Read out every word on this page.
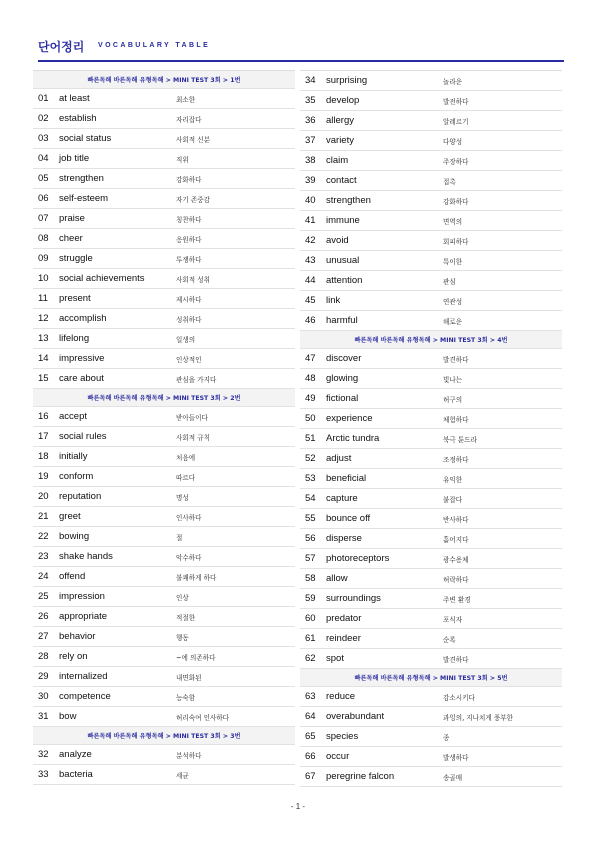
단어정리 VOCABULARY TABLE
빠른독해 바른독해 유형독해 > MINI TEST 3회 > 1번
01	at least	최소한
02	establish	자리잡다
03	social status	사회적 신분
04	job title	직위
05	strengthen	강화하다
06	self-esteem	자기 존중감
07	praise	칭찬하다
08	cheer	응원하다
09	struggle	투쟁하다
10	social achievements	사회적 성취
11	present	제시하다
12	accomplish	성취하다
13	lifelong	일생의
14	impressive	인상적인
15	care about	관심을 가지다
빠른독해 바른독해 유형독해 > MINI TEST 3회 > 2번
16	accept	받아들이다
17	social rules	사회적 규칙
18	initially	처음에
19	conform	따르다
20	reputation	명성
21	greet	인사하다
22	bowing	절
23	shake hands	악수하다
24	offend	불쾌하게 하다
25	impression	인상
26	appropriate	적절한
27	behavior	행동
28	rely on	~에 의존하다
29	internalized	내면화된
30	competence	능숙함
31	bow	허리숙여 인사하다
빠른독해 바른독해 유형독해 > MINI TEST 3회 > 3번
32	analyze	분석하다
33	bacteria	세균
34	surprising	놀라운
35	develop	발전하다
36	allergy	알레르기
37	variety	다양성
38	claim	주장하다
39	contact	접촉
40	strengthen	강화하다
41	immune	면역의
42	avoid	회피하다
43	unusual	특이한
44	attention	관심
45	link	연관성
46	harmful	해로운
빠른독해 바른독해 유형독해 > MINI TEST 3회 > 4번
47	discover	발견하다
48	glowing	빛나는
49	fictional	허구의
50	experience	체험하다
51	Arctic tundra	북극 툰드라
52	adjust	조정하다
53	beneficial	유익한
54	capture	붙잡다
55	bounce off	반사하다
56	disperse	흩어지다
57	photoreceptors	광수용체
58	allow	허락하다
59	surroundings	주변 환경
60	predator	포식자
61	reindeer	순록
62	spot	발견하다
빠른독해 바른독해 유형독해 > MINI TEST 3회 > 5번
63	reduce	감소시키다
64	overabundant	과잉의, 지나치게 풍부한
65	species	종
66	occur	발생하다
67	peregrine falcon	송골매
- 1 -
